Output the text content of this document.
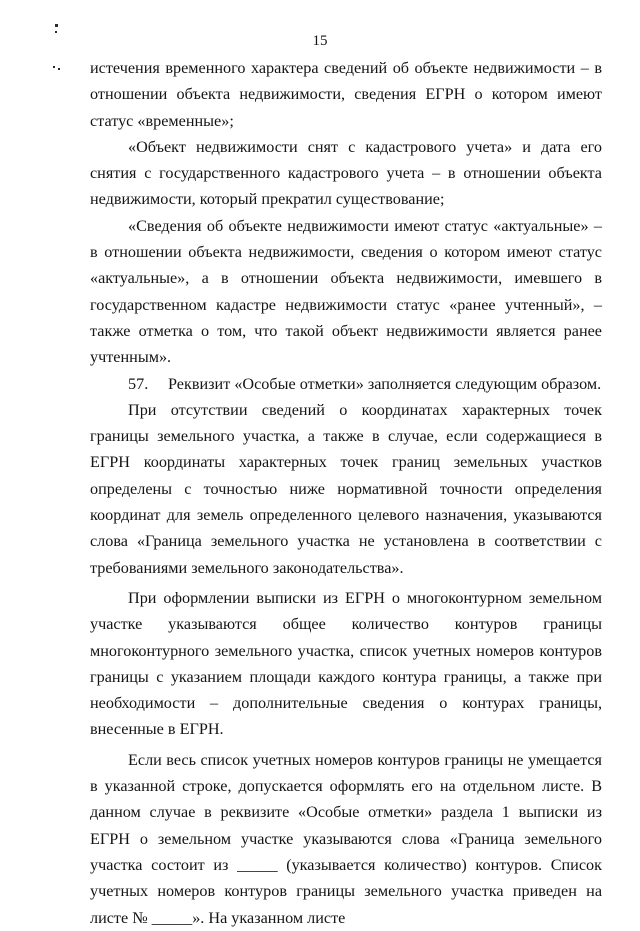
15

истечения временного характера сведений об объекте недвижимости – в отношении объекта недвижимости, сведения ЕГРН о котором имеют статус «временные»;

«Объект недвижимости снят с кадастрового учета» и дата его снятия с государственного кадастрового учета – в отношении объекта недвижимости, который прекратил существование;

«Сведения об объекте недвижимости имеют статус «актуальные» – в отношении объекта недвижимости, сведения о котором имеют статус «актуальные», а в отношении объекта недвижимости, имевшего в государственном кадастре недвижимости статус «ранее учтенный», – также отметка о том, что такой объект недвижимости является ранее учтенным».

57. Реквизит «Особые отметки» заполняется следующим образом.

При отсутствии сведений о координатах характерных точек границы земельного участка, а также в случае, если содержащиеся в ЕГРН координаты характерных точек границ земельных участков определены с точностью ниже нормативной точности определения координат для земель определенного целевого назначения, указываются слова «Граница земельного участка не установлена в соответствии с требованиями земельного законодательства».

При оформлении выписки из ЕГРН о многоконтурном земельном участке указываются общее количество контуров границы многоконтурного земельного участка, список учетных номеров контуров границы с указанием площади каждого контура границы, а также при необходимости – дополнительные сведения о контурах границы, внесенные в ЕГРН.

Если весь список учетных номеров контуров границы не умещается в указанной строке, допускается оформлять его на отдельном листе. В данном случае в реквизите «Особые отметки» раздела 1 выписки из ЕГРН о земельном участке указываются слова «Граница земельного участка состоит из _____ (указывается количество) контуров. Список учетных номеров контуров границы земельного участка приведен на листе № _____». На указанном листе
